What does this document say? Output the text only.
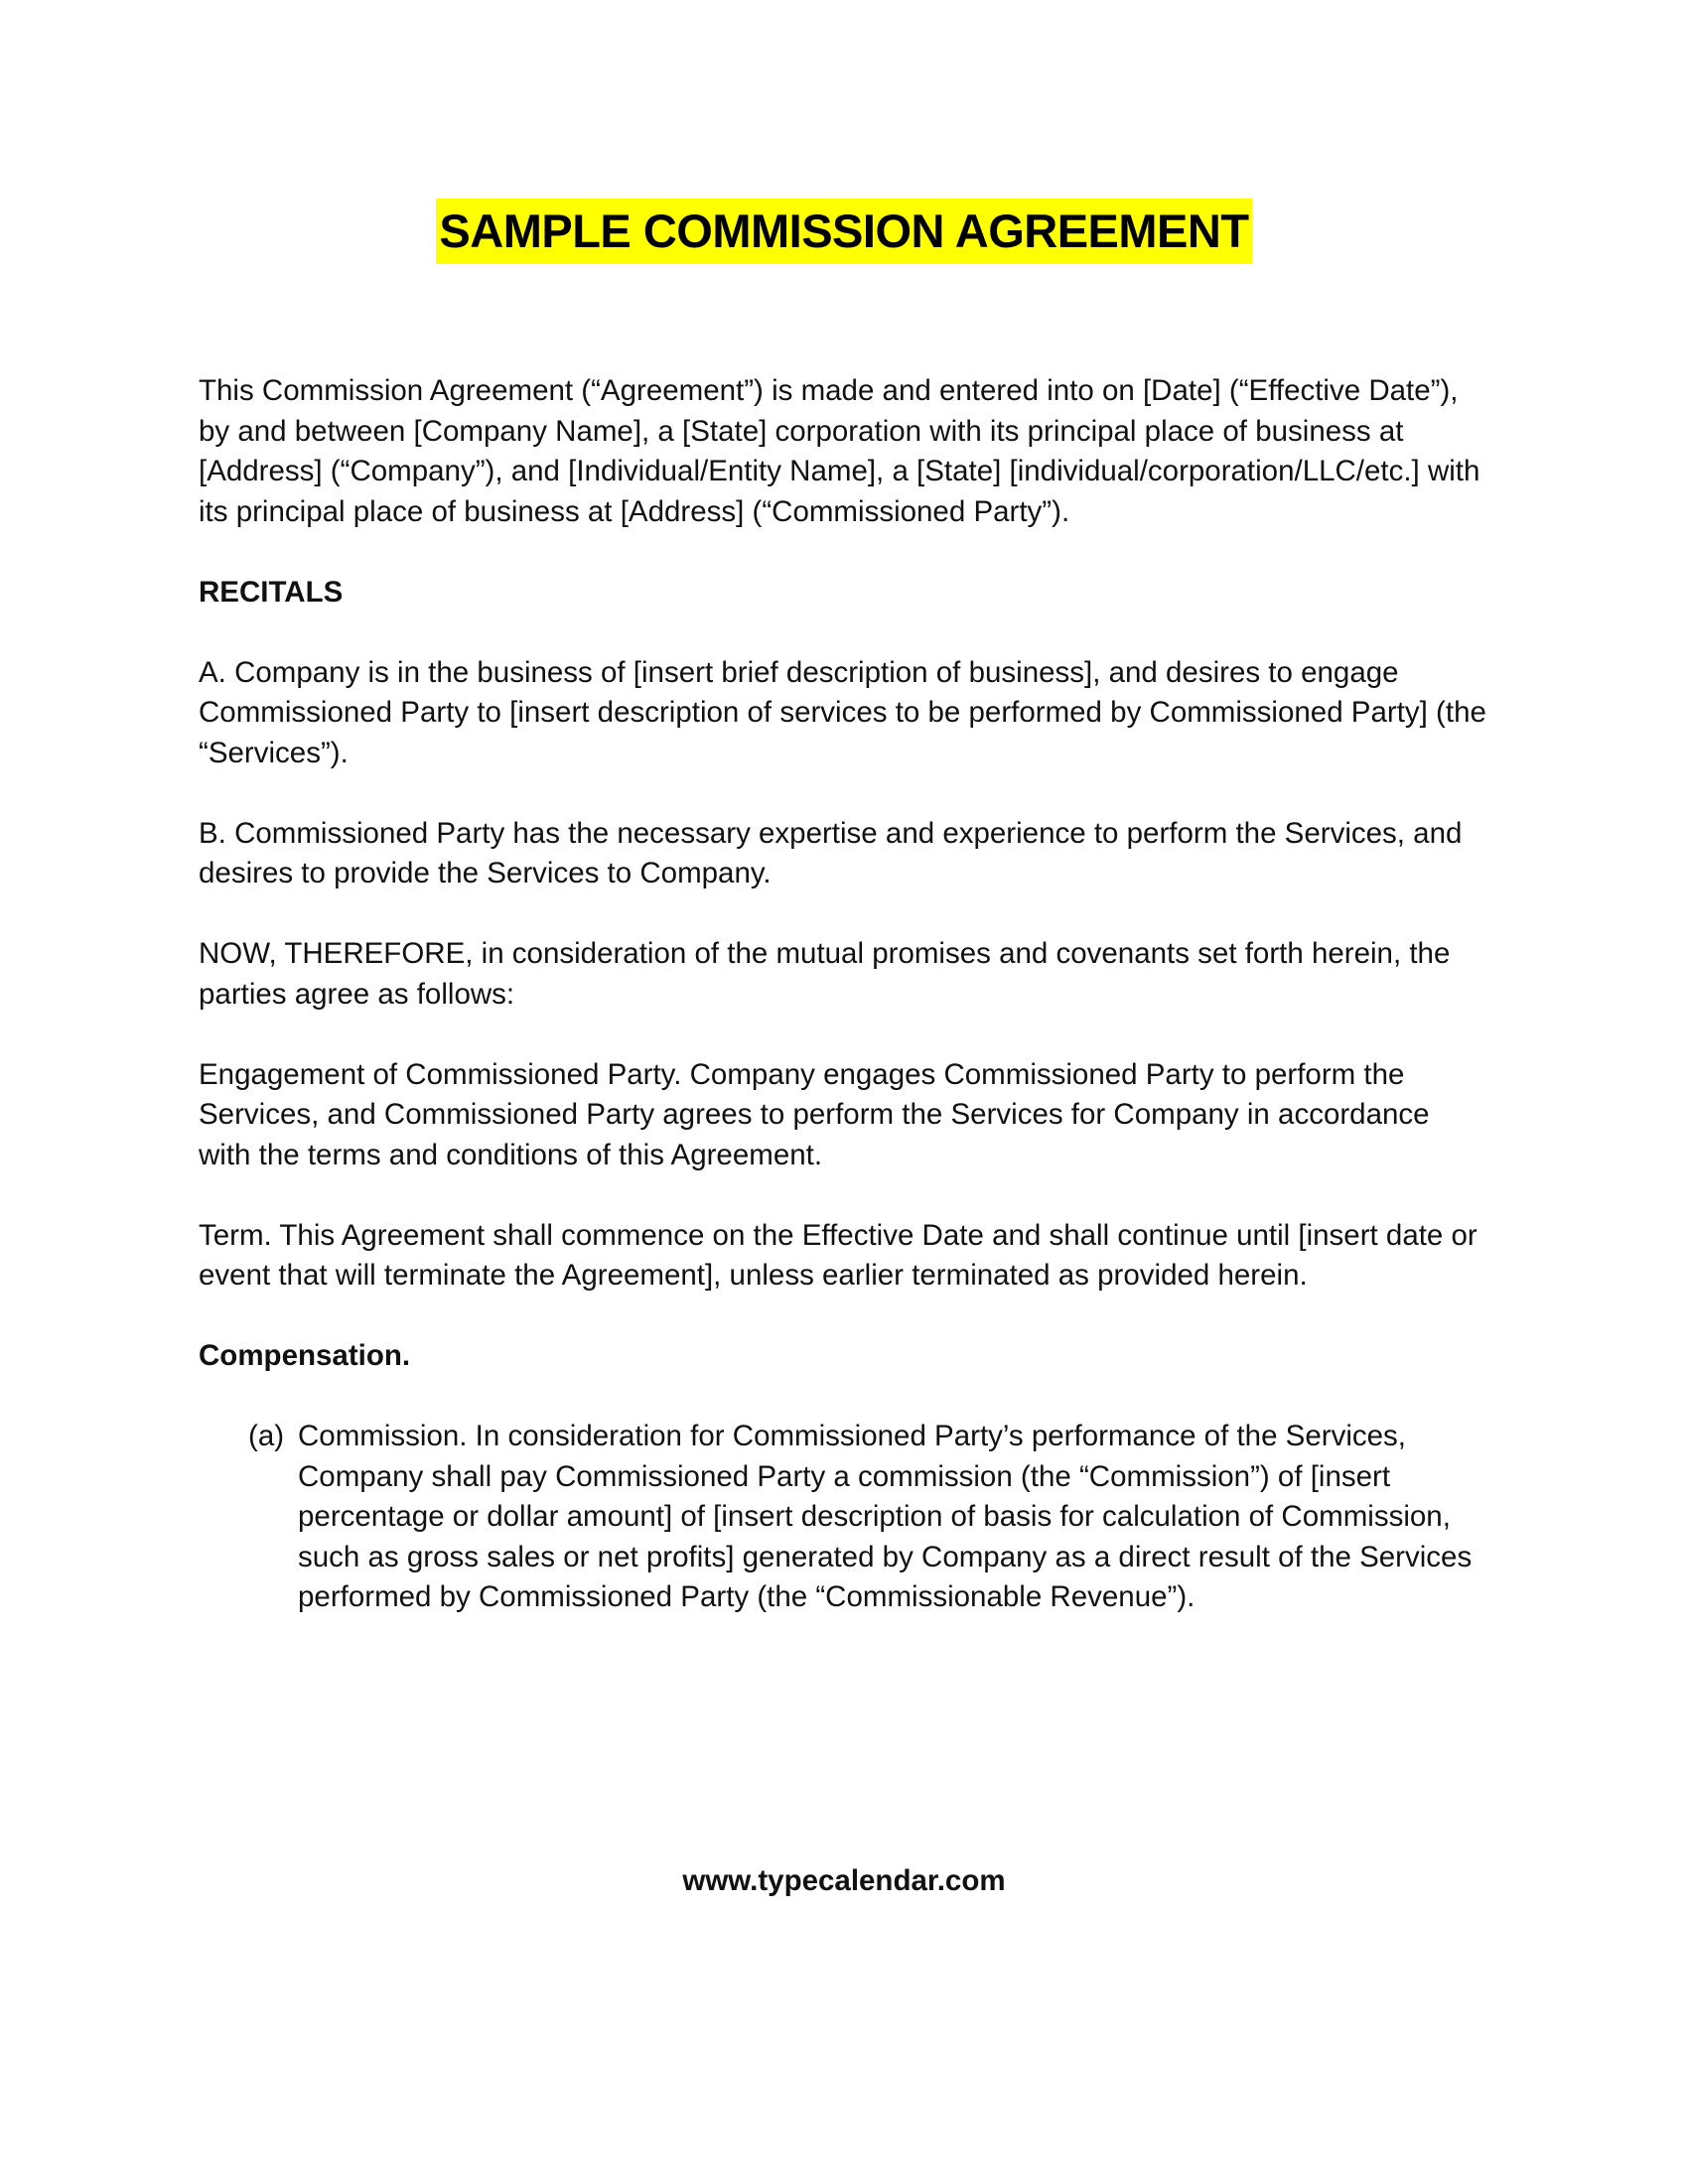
SAMPLE COMMISSION AGREEMENT

This Commission Agreement (“Agreement”) is made and entered into on [Date] (“Effective Date”), by and between [Company Name], a [State] corporation with its principal place of business at [Address] (“Company”), and [Individual/Entity Name], a [State] [individual/corporation/LLC/etc.] with its principal place of business at [Address] (“Commissioned Party”).

RECITALS

A. Company is in the business of [insert brief description of business], and desires to engage Commissioned Party to [insert description of services to be performed by Commissioned Party] (the “Services”).

B. Commissioned Party has the necessary expertise and experience to perform the Services, and desires to provide the Services to Company.

NOW, THEREFORE, in consideration of the mutual promises and covenants set forth herein, the parties agree as follows:

Engagement of Commissioned Party. Company engages Commissioned Party to perform the Services, and Commissioned Party agrees to perform the Services for Company in accordance with the terms and conditions of this Agreement.

Term. This Agreement shall commence on the Effective Date and shall continue until [insert date or event that will terminate the Agreement], unless earlier terminated as provided herein.

Compensation.

(a) Commission. In consideration for Commissioned Party’s performance of the Services, Company shall pay Commissioned Party a commission (the “Commission”) of [insert percentage or dollar amount] of [insert description of basis for calculation of Commission, such as gross sales or net profits] generated by Company as a direct result of the Services performed by Commissioned Party (the “Commissionable Revenue”).
www.typecalendar.com
